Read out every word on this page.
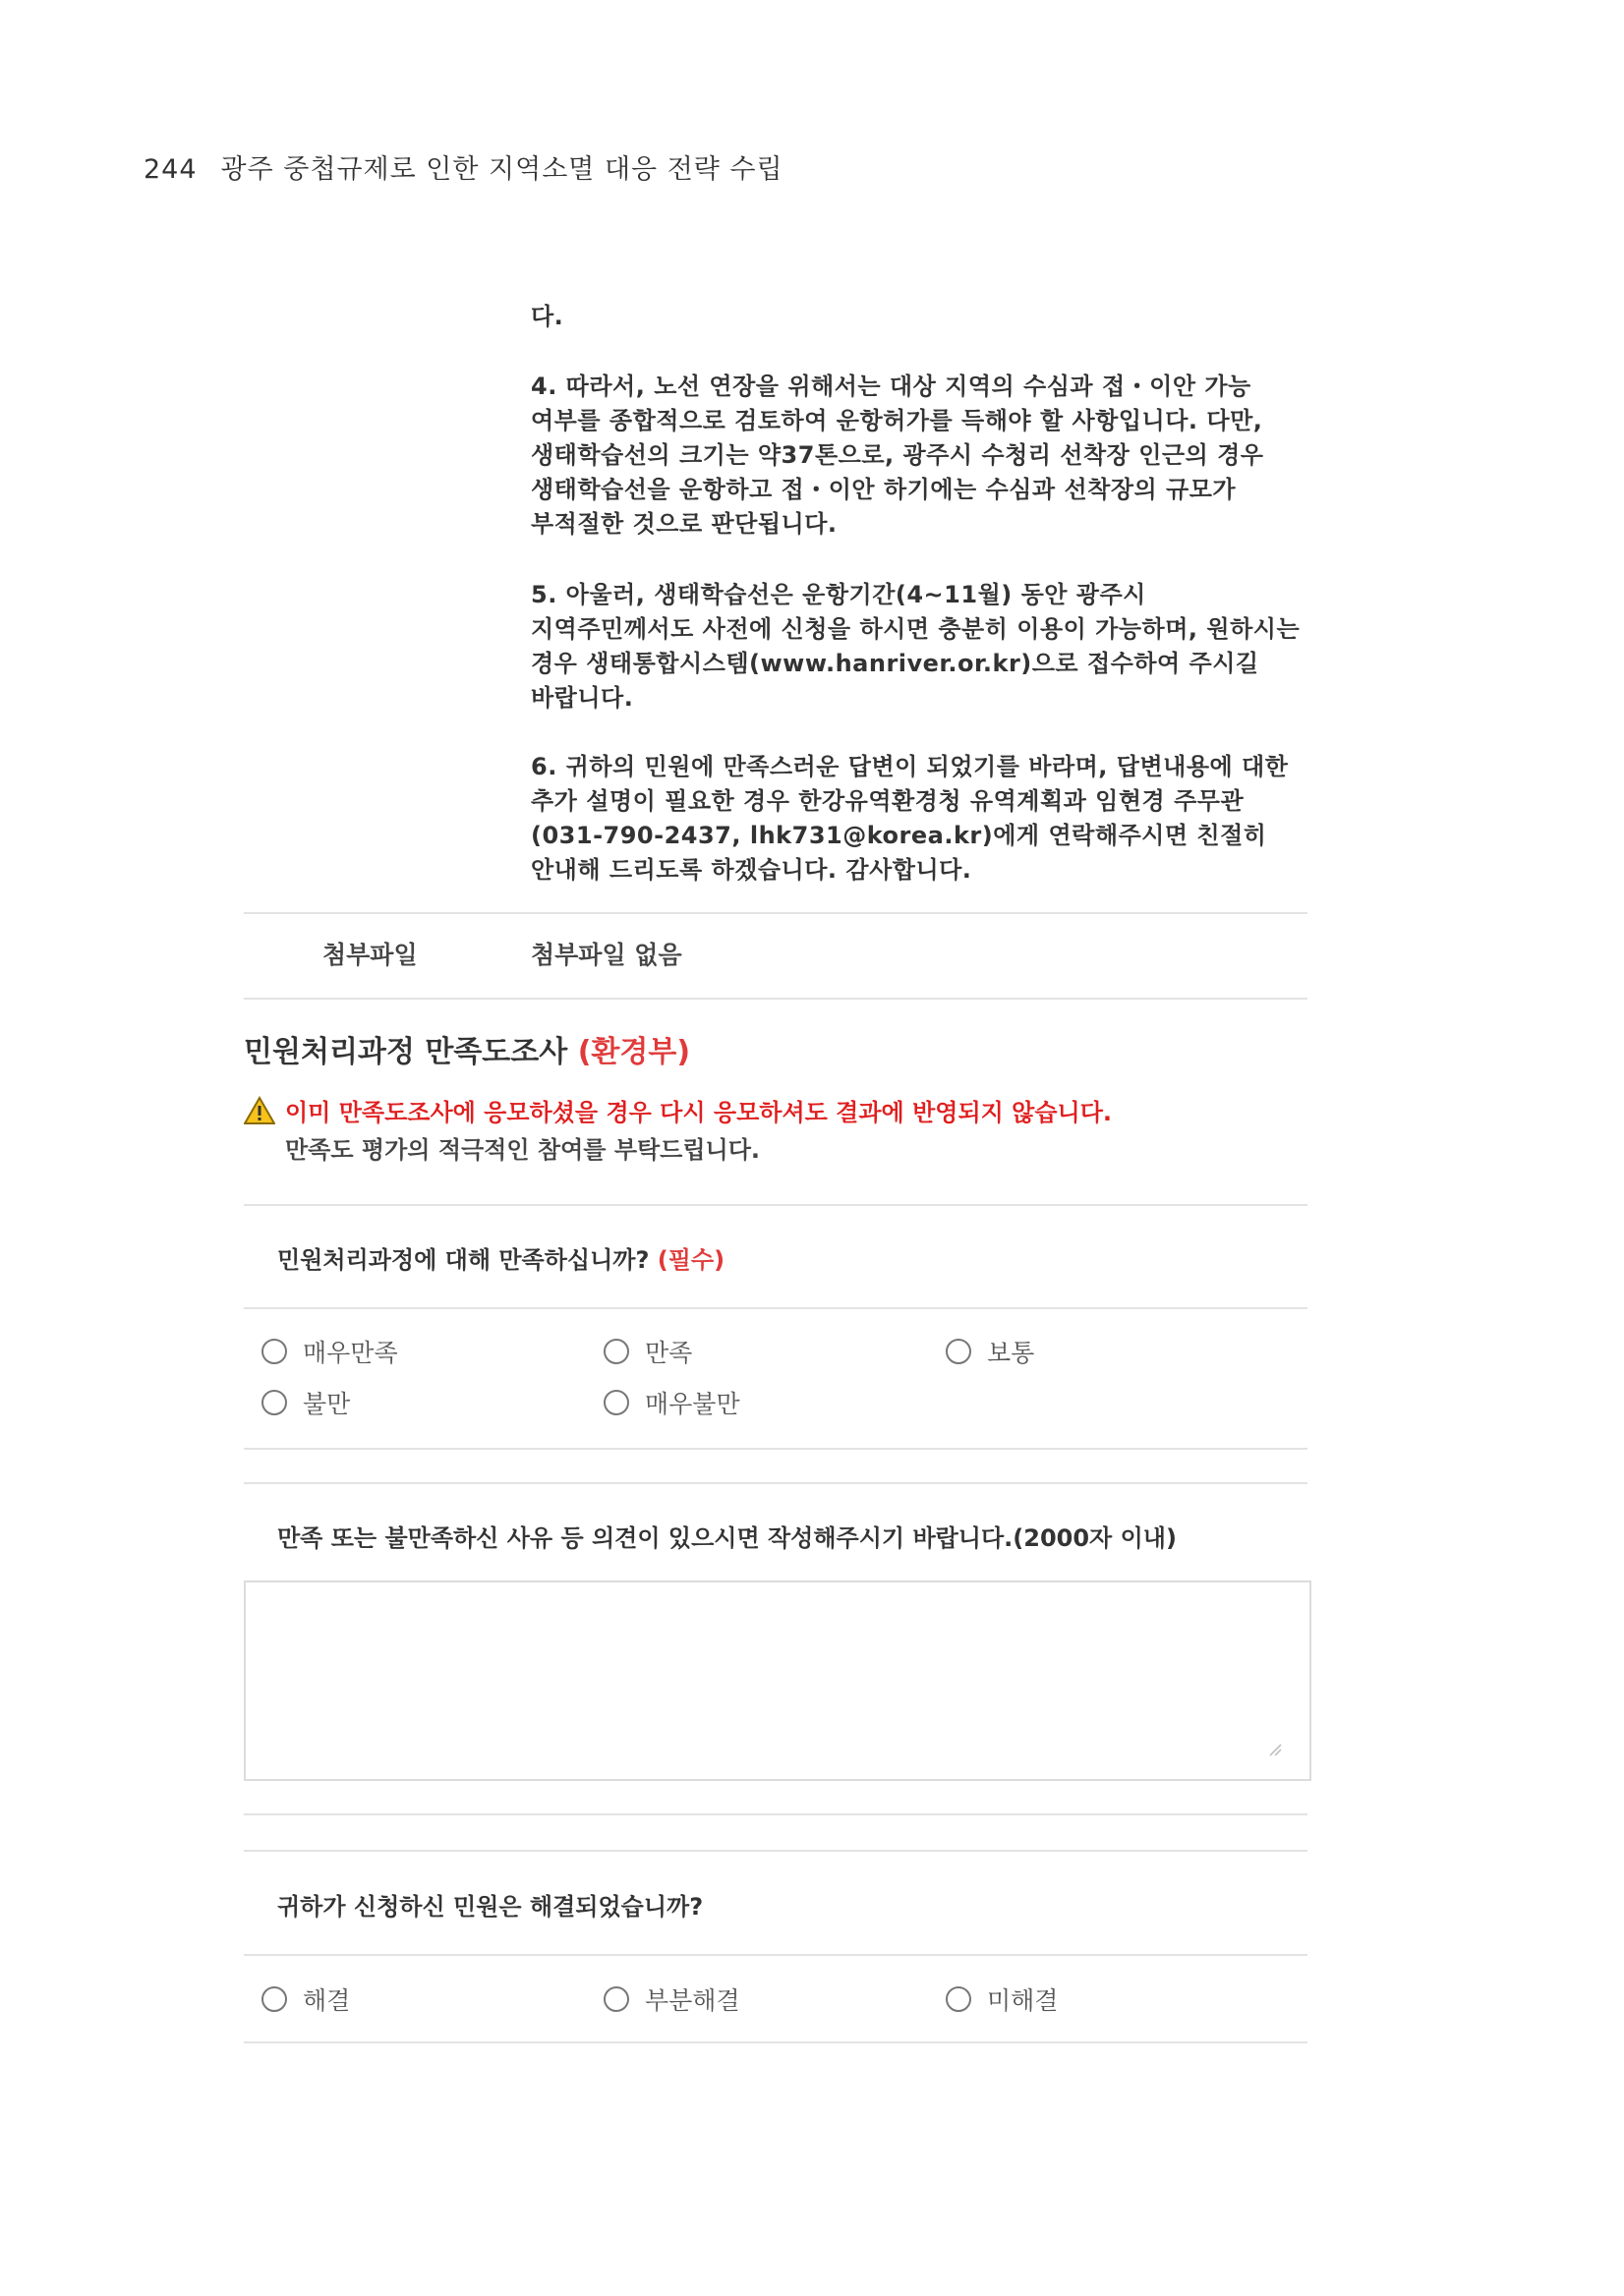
244 광주 중첩규제로 인한 지역소멸 대응 전략 수립
다.

4. 따라서, 노선 연장을 위해서는 대상 지역의 수심과 접・이안 가능 여부를 종합적으로 검토하여 운항허가를 득해야 할 사항입니다. 다만, 생태학습선의 크기는 약37톤으로, 광주시 수청리 선착장 인근의 경우 생태학습선을 운항하고 접・이안 하기에는 수심과 선착장의 규모가 부적절한 것으로 판단됩니다.

5. 아울러, 생태학습선은 운항기간(4~11월) 동안 광주시 지역주민께서도 사전에 신청을 하시면 충분히 이용이 가능하며, 원하시는 경우 생태통합시스템(www.hanriver.or.kr)으로 접수하여 주시길 바랍니다.

6. 귀하의 민원에 만족스러운 답변이 되었기를 바라며, 답변내용에 대한 추가 설명이 필요한 경우 한강유역환경청 유역계획과 임현경 주무관(031-790-2437, lhk731@korea.kr)에게 연락해주시면 친절히 안내해 드리도록 하겠습니다. 감사합니다.

첨부파일	첨부파일 없음
민원처리과정 만족도조사 (환경부)
이미 만족도조사에 응모하셨을 경우 다시 응모하셔도 결과에 반영되지 않습니다.
만족도 평가의 적극적인 참여를 부탁드립니다.
민원처리과정에 대해 만족하십니까? (필수)
매우만족	만족	보통
불만	매우불만
만족 또는 불만족하신 사유 등 의견이 있으시면 작성해주시기 바랍니다.(2000자 이내)
귀하가 신청하신 민원은 해결되었습니까?
해결	부분해결	미해결
